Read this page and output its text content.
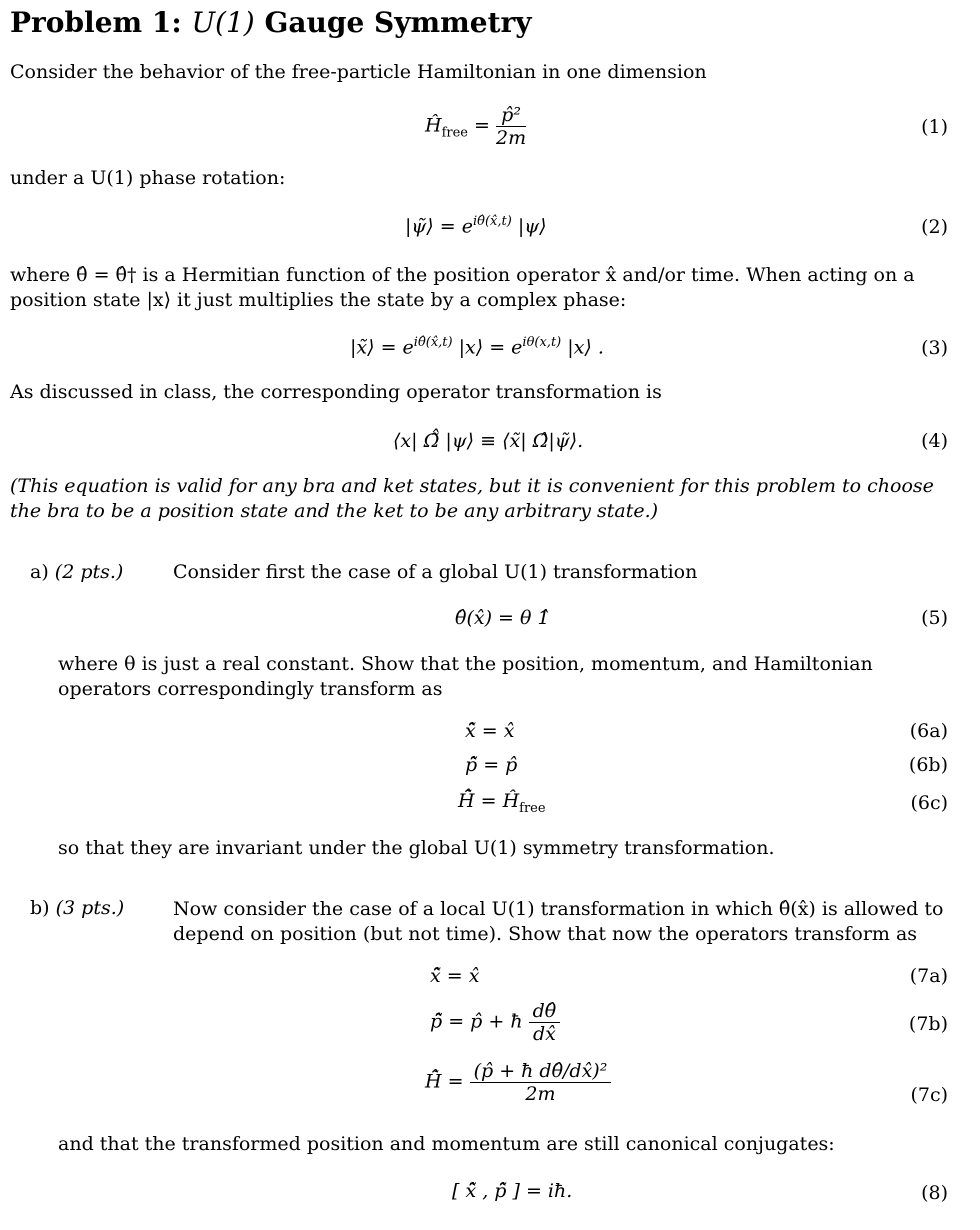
Problem 1: U(1) Gauge Symmetry
Consider the behavior of the free-particle Hamiltonian in one dimension
$Ĥ_{free} = \frac{\text{p̂²}}{2m}$	(1)
under a U(1) phase rotation:
|ψ̃⟩ = $e^{i\thetâ(x̂,t)}$ |ψ⟩	(2)
where θ̂ = θ̂† is a Hermitian function of the position operator x̂ and/or time. When acting on a position state |x⟩ it just multiplies the state by a complex phase:
|x̃⟩ = $e^{i\thetâ(x̂,t)}$ |x⟩ = $e^{i\theta(x,t)}$ |x⟩ .	(3)
As discussed in class, the corresponding operator transformation is
⟨x| Ω̃̂ |ψ⟩ ≡ ⟨x̃| Ω̂|ψ̃⟩.	(4)
(This equation is valid for any bra and ket states, but it is convenient for this problem to choose the bra to be a position state and the ket to be any arbitrary state.)
a) (2 pts.)	Consider first the case of a global U(1) transformation
θ̂(x̂) = θ 1̂	(5)
where θ is just a real constant. Show that the position, momentum, and Hamiltonian operators correspondingly transform as
x̃̂ = x̂	(6a)
p̃̂ = p̂	(6b)
H̃̂ = $Ĥ_{free}$	(6c)
so that they are invariant under the global U(1) symmetry transformation.
b) (3 pts.)	Now consider the case of a local U(1) transformation in which θ̂(x̂) is allowed to depend on position (but not time). Show that now the operators transform as
x̃̂ = x̂	(7a)
p̃̂ = p̂ + ħ $\frac{d\thetâ}{dx̂}$	(7b)
H̃̂ = $\frac{\text{(p̂ + ħ dθ̂/dx̂)²}}{2m}$	(7c)
and that the transformed position and momentum are still canonical conjugates:
[ x̃̂ , p̃̂ ] = iħ.	(8)
